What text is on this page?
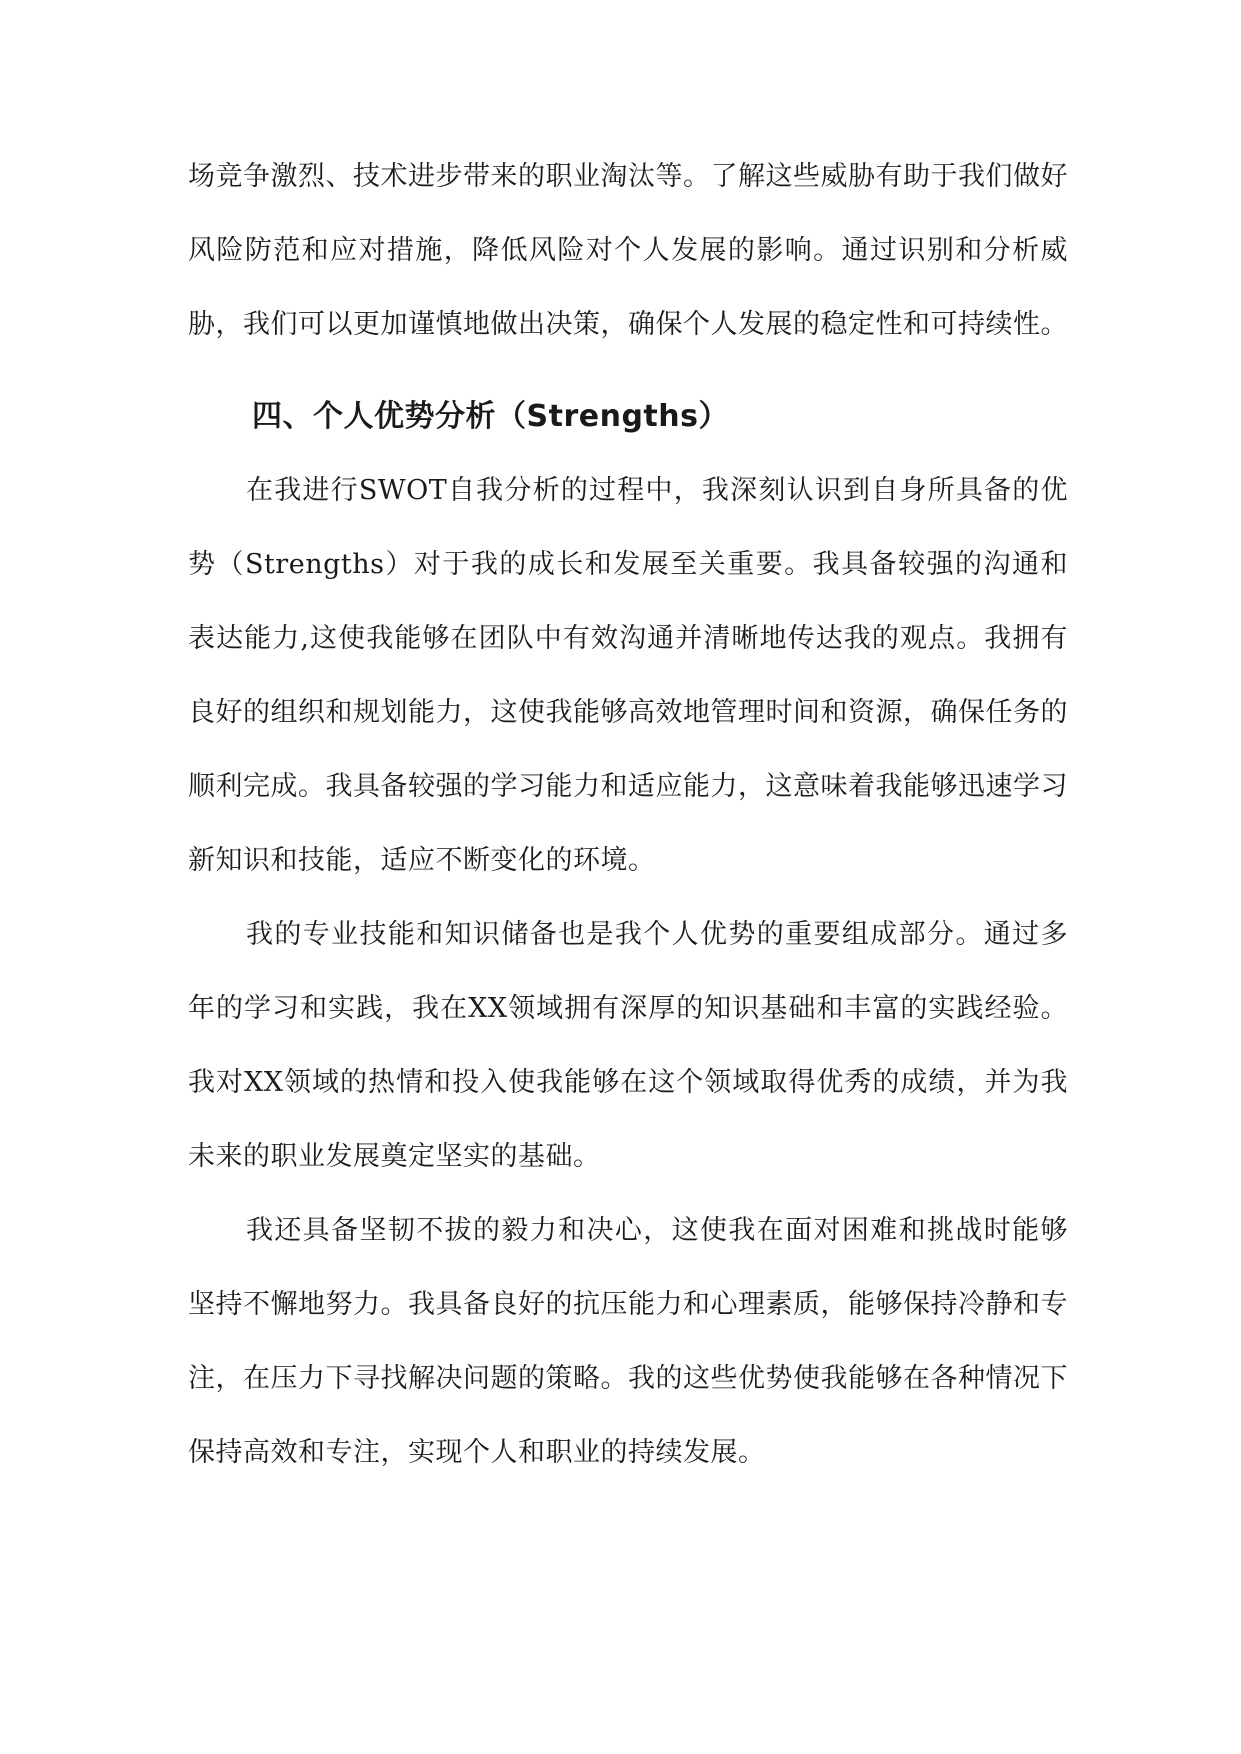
场竞争激烈、技术进步带来的职业淘汰等。了解这些威胁有助于我们做好风险防范和应对措施，降低风险对个人发展的影响。通过识别和分析威胁，我们可以更加谨慎地做出决策，确保个人发展的稳定性和可持续性。

四、个人优势分析（Strengths）

在我进行SWOT自我分析的过程中，我深刻认识到自身所具备的优势（Strengths）对于我的成长和发展至关重要。我具备较强的沟通和表达能力,这使我能够在团队中有效沟通并清晰地传达我的观点。我拥有良好的组织和规划能力，这使我能够高效地管理时间和资源，确保任务的顺利完成。我具备较强的学习能力和适应能力，这意味着我能够迅速学习新知识和技能，适应不断变化的环境。

我的专业技能和知识储备也是我个人优势的重要组成部分。通过多年的学习和实践，我在XX领域拥有深厚的知识基础和丰富的实践经验。我对XX领域的热情和投入使我能够在这个领域取得优秀的成绩，并为我未来的职业发展奠定坚实的基础。

我还具备坚韧不拔的毅力和决心，这使我在面对困难和挑战时能够坚持不懈地努力。我具备良好的抗压能力和心理素质，能够保持冷静和专注，在压力下寻找解决问题的策略。我的这些优势使我能够在各种情况下保持高效和专注，实现个人和职业的持续发展。
